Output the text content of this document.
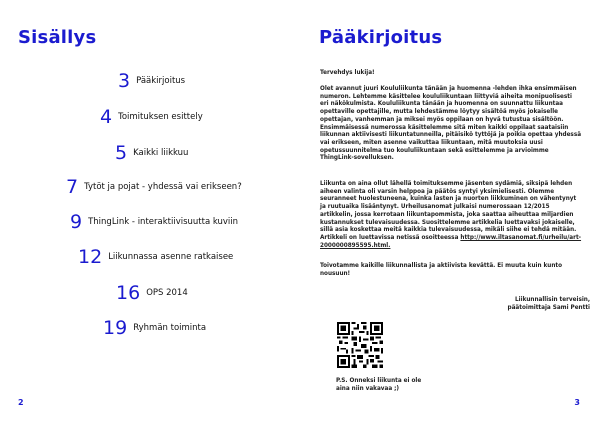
Sisällys
3 Pääkirjoitus
4 Toimituksen esittely
5 Kaikki liikkuu
7 Tytöt ja pojat - yhdessä vai erikseen?
9 ThingLink - interaktiivisuutta kuviin
12 Liikunnassa asenne ratkaisee
16 OPS 2014
19 Ryhmän toiminta
2
Pääkirjoitus

Tervehdys lukija!

Olet avannut juuri Koululiikunta tänään ja huomenna -lehden ihka ensimmäisen numeron. Lehtemme käsittelee koululiikuntaan liittyviä aiheita monipuolisesti eri näkökulmista. Koululiikunta tänään ja huomenna on suunnattu liikuntaa opettaville opettajille, mutta lehdestämme löytyy sisältöä myös jokaiselle opettajan, vanhemman ja miksei myös oppilaan on hyvä tutustua sisältöön. Ensimmäisessä numerossa käsittelemme sitä miten kaikki oppilaat saataisiin liikunnan aktiivisesti liikuntatunneilla, pitäisikö tyttöjä ja poikia opettaa yhdessä vai erikseen, miten asenne vaikuttaa liikuntaan, mitä muutoksia uusi opetussuunnitelma tuo koululiikuntaan sekä esittelemme ja arvioimme ThingLink-sovelluksen.

Liikunta on aina ollut lähellä toimituksemme jäsenten sydämiä, siksipä lehden aiheen valinta oli varsin helppoa ja päätös syntyi yksimielisesti. Olemme seuranneet huolestuneena, kuinka lasten ja nuorten liikkuminen on vähentynyt ja ruutuaika lisääntynyt. Urheilusanomat julkaisi numerossaan 12/2015 artikkelin, jossa kerrotaan liikuntapommista, joka saattaa aiheuttaa miljardien kustannukset tulevaisuudessa. Suosittelemme artikkelia luettavaksi jokaiselle, sillä asia koskettaa meitä kaikkia tulevaisuudessa, mikäli siihe ei tehdä mitään. Artikkeli on luettavissa netissä osoitteessa http://www.iltasanomat.fi/urheilu/art-2000000895595.html.

Toivotamme kaikille liikunnallista ja aktiivista kevättä. Ei muuta kuin kunto nousuun!

Liikunnallisin terveisin,
päätoimittaja Sami Pentti
P.S. Onneksi liikunta ei ole aina niin vakavaa ;)
3
